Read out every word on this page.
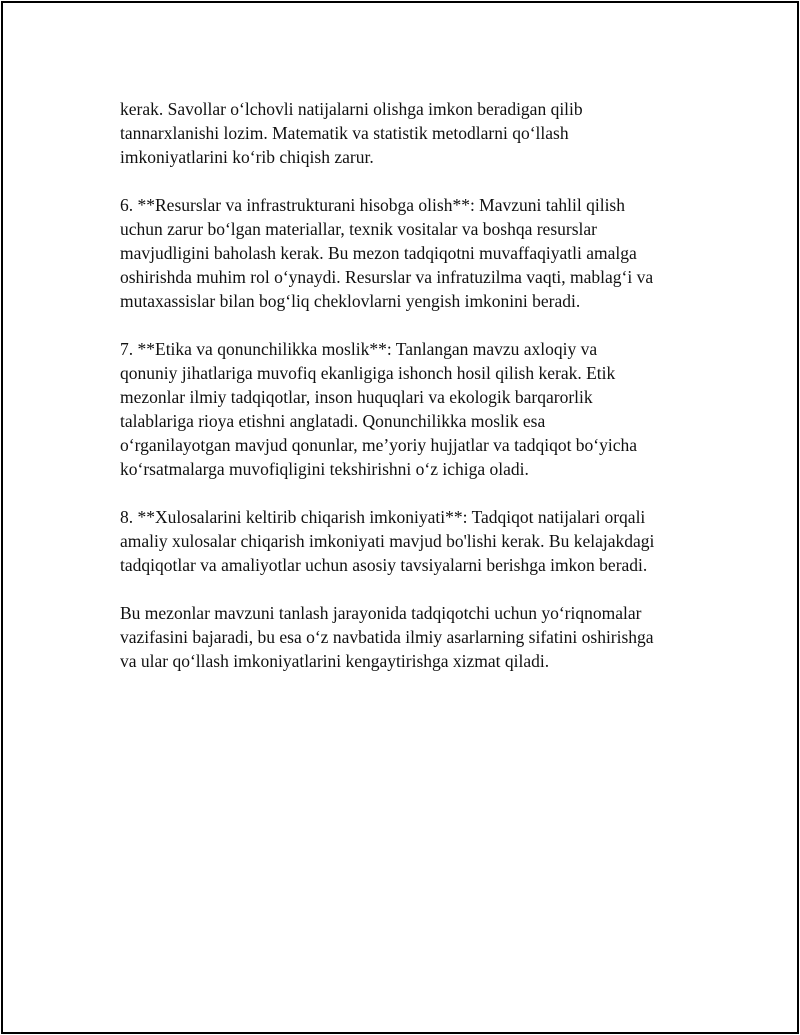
kerak. Savollar o‘lchovli natijalarni olishga imkon beradigan qilib
tannarxlanishi lozim. Matematik va statistik metodlarni qo‘llash
imkoniyatlarini ko‘rib chiqish zarur.

6. **Resurslar va infrastrukturani hisobga olish**: Mavzuni tahlil qilish
uchun zarur bo‘lgan materiallar, texnik vositalar va boshqa resurslar
mavjudligini baholash kerak. Bu mezon tadqiqotni muvaffaqiyatli amalga
oshirishda muhim rol o‘ynaydi. Resurslar va infratuzilma vaqti, mablag‘i va
mutaxassislar bilan bog‘liq cheklovlarni yengish imkonini beradi.

7. **Etika va qonunchilikka moslik**: Tanlangan mavzu axloqiy va
qonuniy jihatlariga muvofiq ekanligiga ishonch hosil qilish kerak. Etik
mezonlar ilmiy tadqiqotlar, inson huquqlari va ekologik barqarorlik
talablariga rioya etishni anglatadi. Qonunchilikka moslik esa
o‘rganilayotgan mavjud qonunlar, me’yoriy hujjatlar va tadqiqot bo‘yicha
ko‘rsatmalarga muvofiqligini tekshirishni o‘z ichiga oladi.

8. **Xulosalarini keltirib chiqarish imkoniyati**: Tadqiqot natijalari orqali
amaliy xulosalar chiqarish imkoniyati mavjud bo'lishi kerak. Bu kelajakdagi
tadqiqotlar va amaliyotlar uchun asosiy tavsiyalarni berishga imkon beradi.

Bu mezonlar mavzuni tanlash jarayonida tadqiqotchi uchun yo‘riqnomalar
vazifasini bajaradi, bu esa o‘z navbatida ilmiy asarlarning sifatini oshirishga
va ular qo‘llash imkoniyatlarini kengaytirishga xizmat qiladi.
